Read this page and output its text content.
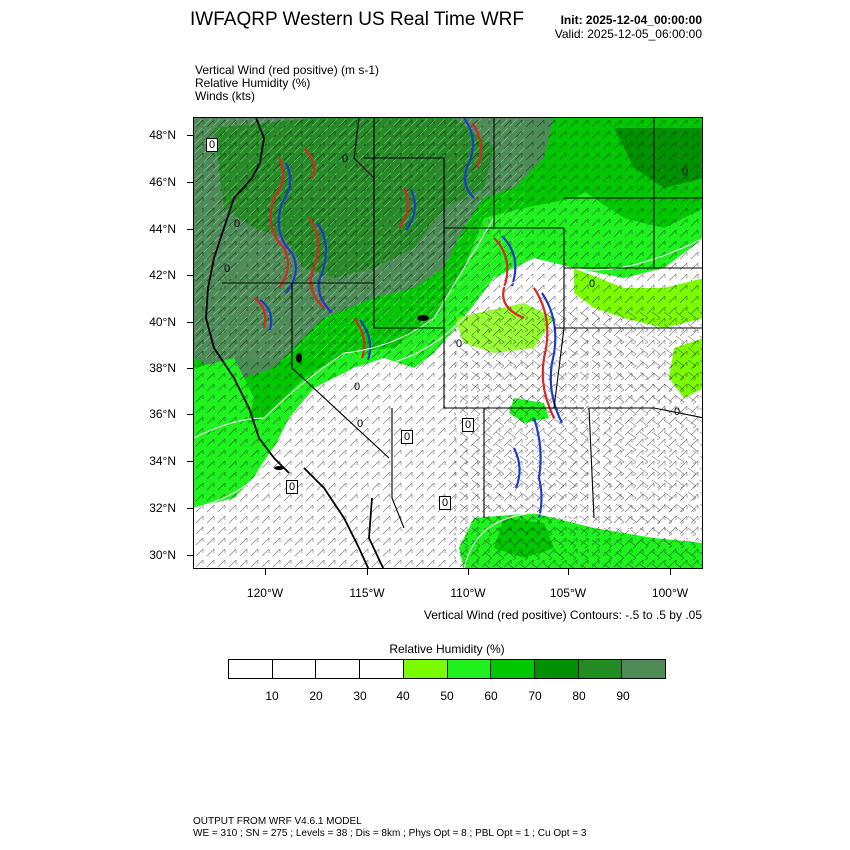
IWFAQRP Western US Real Time WRF	Init: 2025-12-04_00:00:00
Valid: 2025-12-05_06:00:00
Vertical Wind (red positive) (m s-1)
Relative Humidity (%)
Winds (kts)
0
0
0
0
0
0
0
0
0
0
0
0
0
0
48°N
46°N
44°N
42°N
40°N
38°N
36°N
34°N
32°N
30°N
120°W	115°W	110°W	105°W	100°W
Vertical Wind (red positive) Contours: -.5 to .5 by .05
Relative Humidity (%)
10	20	30	40	50	60	70	80	90
OUTPUT FROM WRF V4.6.1 MODEL
WE = 310 ; SN = 275 ; Levels = 38 ; Dis = 8km ; Phys Opt = 8 ; PBL Opt = 1 ; Cu Opt = 3
